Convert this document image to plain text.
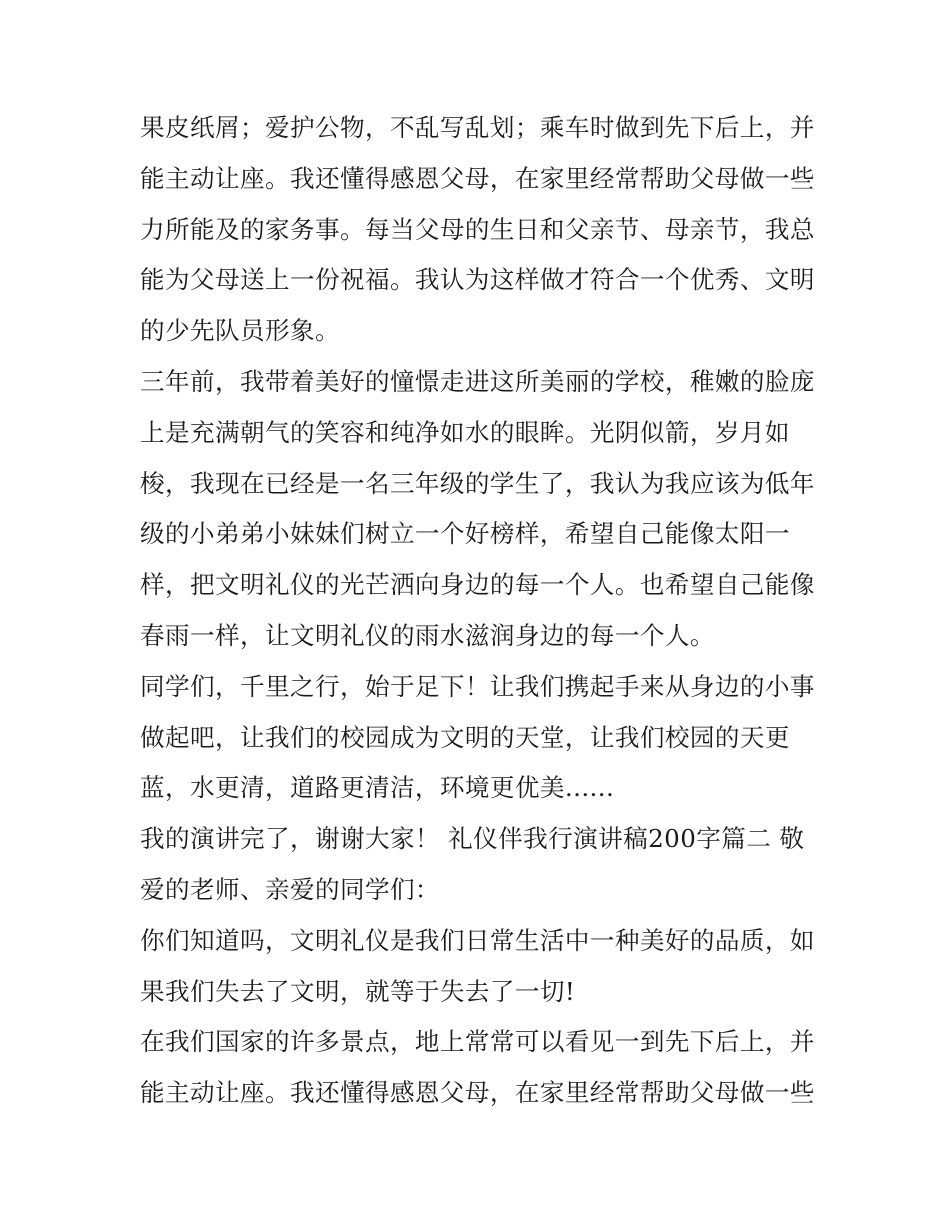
果皮纸屑；爱护公物，不乱写乱划；乘车时做到先下后上，并
能主动让座。我还懂得感恩父母，在家里经常帮助父母做一些
力所能及的家务事。每当父母的生日和父亲节、母亲节，我总
能为父母送上一份祝福。我认为这样做才符合一个优秀、文明
的少先队员形象。
三年前，我带着美好的憧憬走进这所美丽的学校，稚嫩的脸庞
上是充满朝气的笑容和纯净如水的眼眸。光阴似箭，岁月如
梭，我现在已经是一名三年级的学生了，我认为我应该为低年
级的小弟弟小妹妹们树立一个好榜样，希望自己能像太阳一
样，把文明礼仪的光芒洒向身边的每一个人。也希望自己能像
春雨一样，让文明礼仪的雨水滋润身边的每一个人。
同学们，千里之行，始于足下！让我们携起手来从身边的小事
做起吧，让我们的校园成为文明的天堂，让我们校园的天更
蓝，水更清，道路更清洁，环境更优美......
我的演讲完了，谢谢大家！ 礼仪伴我行演讲稿200字篇二 敬
爱的老师、亲爱的同学们：
你们知道吗，文明礼仪是我们日常生活中一种美好的品质，如
果我们失去了文明，就等于失去了一切!
在我们国家的许多景点，地上常常可以看见一到先下后上，并
能主动让座。我还懂得感恩父母，在家里经常帮助父母做一些
